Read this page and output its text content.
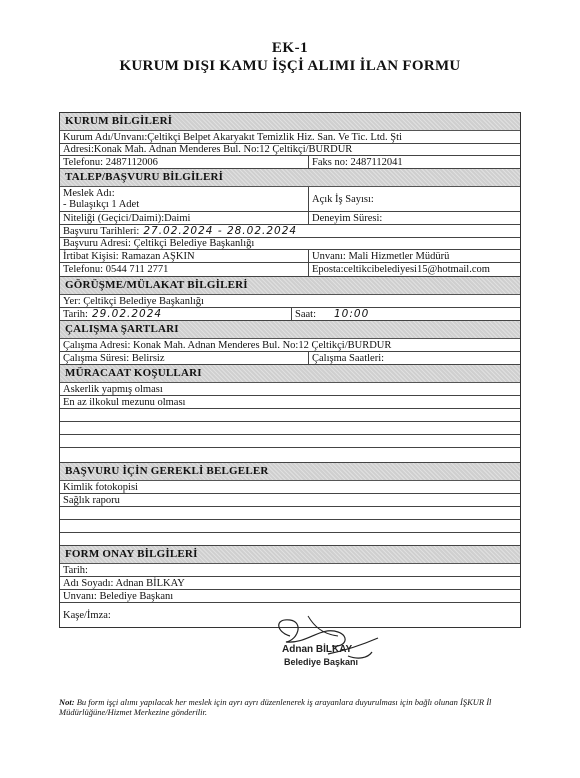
EK-1
KURUM DIŞI KAMU İŞÇİ ALIMI İLAN FORMU
KURUM BİLGİLERİ
Kurum Adı/Unvanı:Çeltikçi Belpet Akaryakıt Temizlik Hiz. San. Ve Tic. Ltd. Şti
Adresi:Konak Mah. Adnan Menderes Bul. No:12 Çeltikçi/BURDUR
Telefonu: 2487112006	Faks no: 2487112041
TALEP/BAŞVURU BİLGİLERİ
Meslek Adı:
- Bulaşıkçı 1 Adet	Açık İş Sayısı:
Niteliği (Geçici/Daimi):Daimi	Deneyim Süresi:
Başvuru Tarihleri: 27.02.2024 - 28.02.2024
Başvuru Adresi: Çeltikçi Belediye Başkanlığı
İrtibat Kişisi: Ramazan AŞKIN	Unvanı: Mali Hizmetler Müdürü
Telefonu: 0544 711 2771	Eposta:celtikcibelediyesi15@hotmail.com
GÖRÜŞME/MÜLAKAT BİLGİLERİ
Yer: Çeltikçi Belediye Başkanlığı
Tarih: 29.02.2024	Saat: 10:00
ÇALIŞMA ŞARTLARI
Çalışma Adresi: Konak Mah. Adnan Menderes Bul. No:12 Çeltikçi/BURDUR
Çalışma Süresi: Belirsiz	Çalışma Saatleri:
MÜRACAAT KOŞULLARI
Askerlik yapmış olması
En az ilkokul mezunu olması
BAŞVURU İÇİN GEREKLİ BELGELER
Kimlik fotokopisi
Sağlık raporu
FORM ONAY BİLGİLERİ
Tarih:
Adı Soyadı: Adnan BİLKAY
Unvanı: Belediye Başkanı
Kaşe/İmza:
Adnan BİLKAY
Belediye Başkanı
Not: Bu form işçi alımı yapılacak her meslek için ayrı ayrı düzenlenerek iş arayanlara duyurulması için bağlı olunan İŞKUR İl Müdürlüğüne/Hizmet Merkezine gönderilir.
